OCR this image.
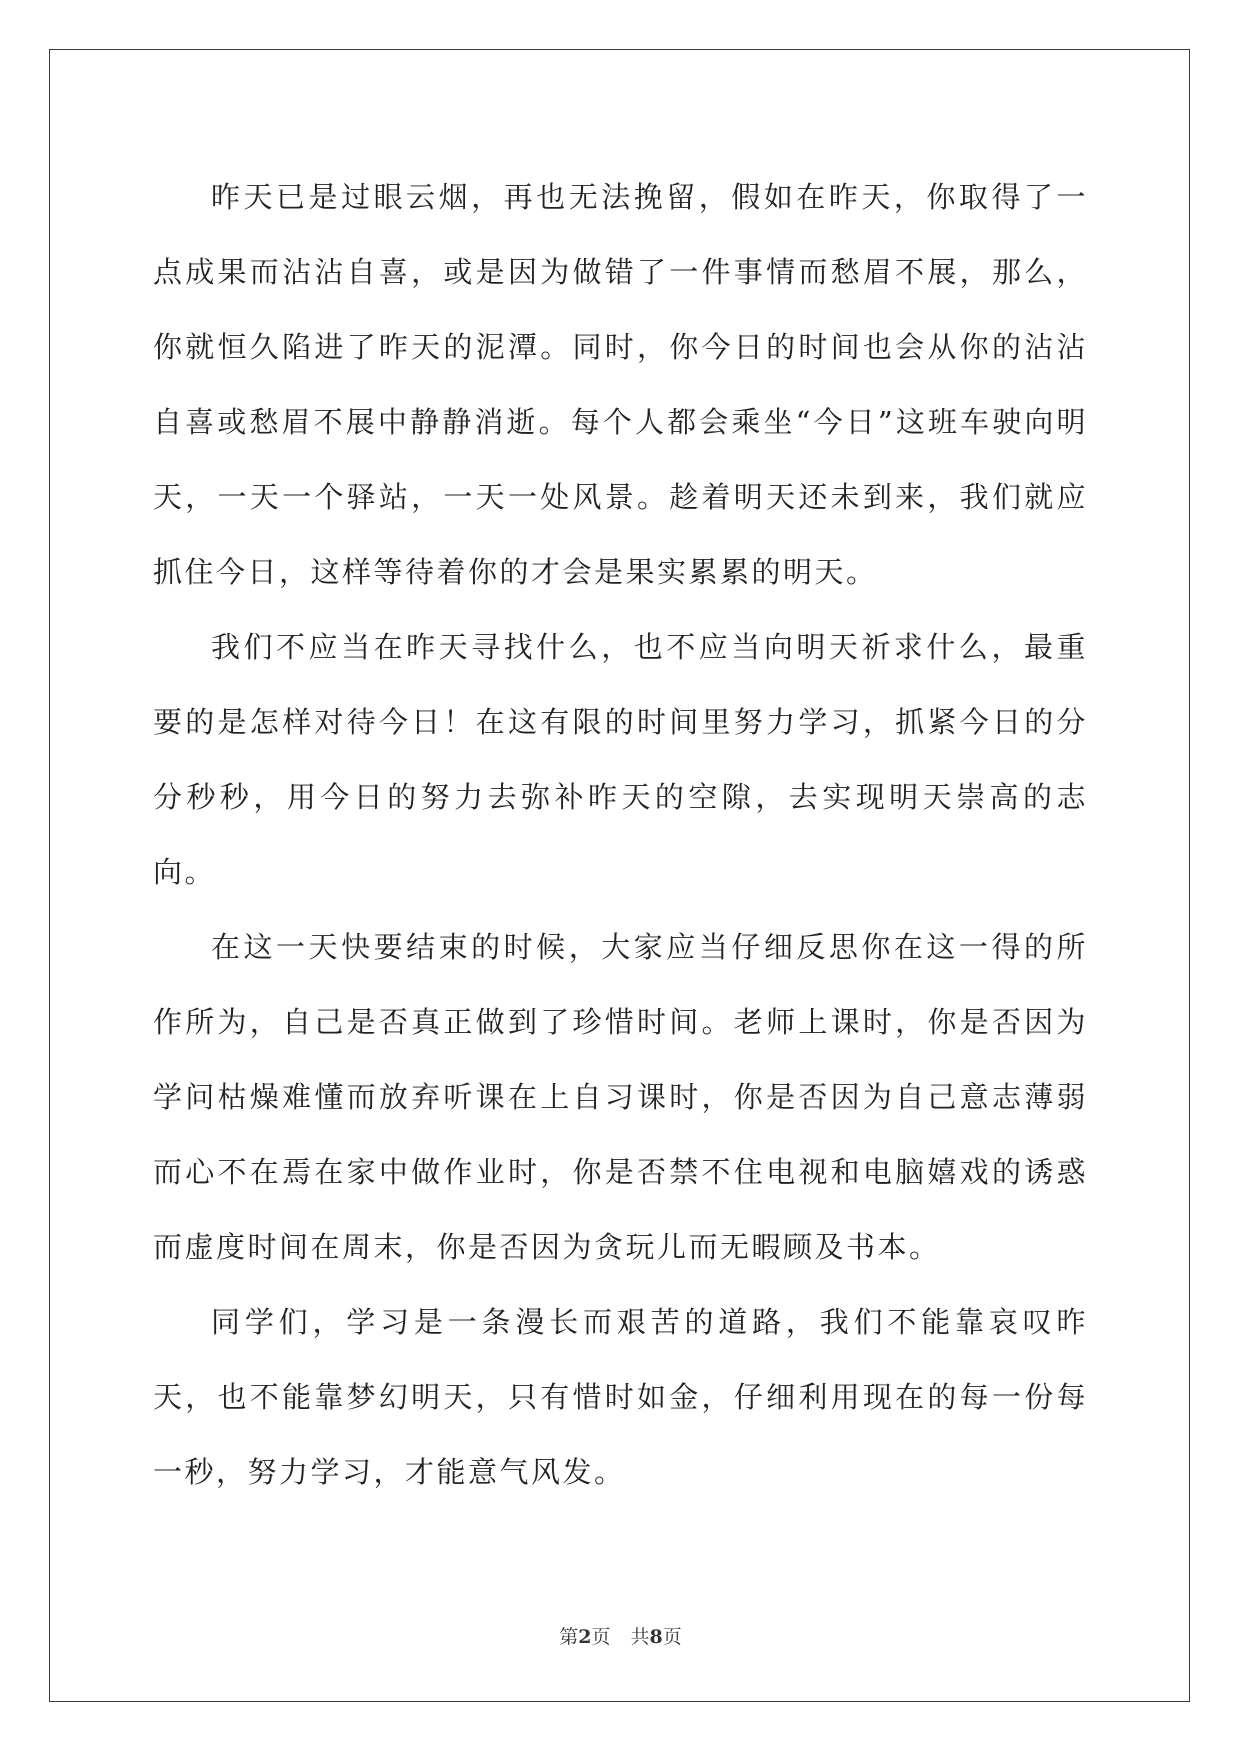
昨天已是过眼云烟，再也无法挽留，假如在昨天，你取得了一点成果而沾沾自喜，或是因为做错了一件事情而愁眉不展，那么，你就恒久陷进了昨天的泥潭。同时，你今日的时间也会从你的沾沾自喜或愁眉不展中静静消逝。每个人都会乘坐“今日”这班车驶向明天，一天一个驿站，一天一处风景。趁着明天还未到来，我们就应抓住今日，这样等待着你的才会是果实累累的明天。

我们不应当在昨天寻找什么，也不应当向明天祈求什么，最重要的是怎样对待今日！在这有限的时间里努力学习，抓紧今日的分分秒秒，用今日的努力去弥补昨天的空隙，去实现明天崇高的志向。

在这一天快要结束的时候，大家应当仔细反思你在这一得的所作所为，自己是否真正做到了珍惜时间。老师上课时，你是否因为学问枯燥难懂而放弃听课在上自习课时，你是否因为自己意志薄弱而心不在焉在家中做作业时，你是否禁不住电视和电脑嬉戏的诱惑而虚度时间在周末，你是否因为贪玩儿而无暇顾及书本。

同学们，学习是一条漫长而艰苦的道路，我们不能靠哀叹昨天，也不能靠梦幻明天，只有惜时如金，仔细利用现在的每一份每一秒，努力学习，才能意气风发。

第2页 共8页
